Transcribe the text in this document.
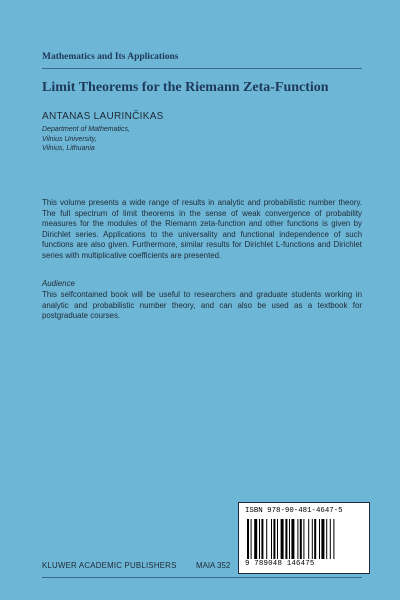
Mathematics and Its Applications

Limit Theorems for the Riemann Zeta-Function

ANTANAS LAURINČIKAS

Department of Mathematics,
Vilnius University,
Vilnius, Lithuania

This volume presents a wide range of results in analytic and probabilistic number theory. The full spectrum of limit theorems in the sense of weak convergence of probability measures for the modules of the Riemann zeta-function and other functions is given by Dirichlet series. Applications to the universality and functional independence of such functions are also given. Furthermore, similar results for Dirichlet L-functions and Dirichlet series with multiplicative coefficients are presented.

Audience

This selfcontained book will be useful to researchers and graduate students working in analytic and probabilistic number theory, and can also be used as a textbook for postgraduate courses.

ISBN 978-90-481-4647-5

9 789048 146475

KLUWER ACADEMIC PUBLISHERS MAIA 352
